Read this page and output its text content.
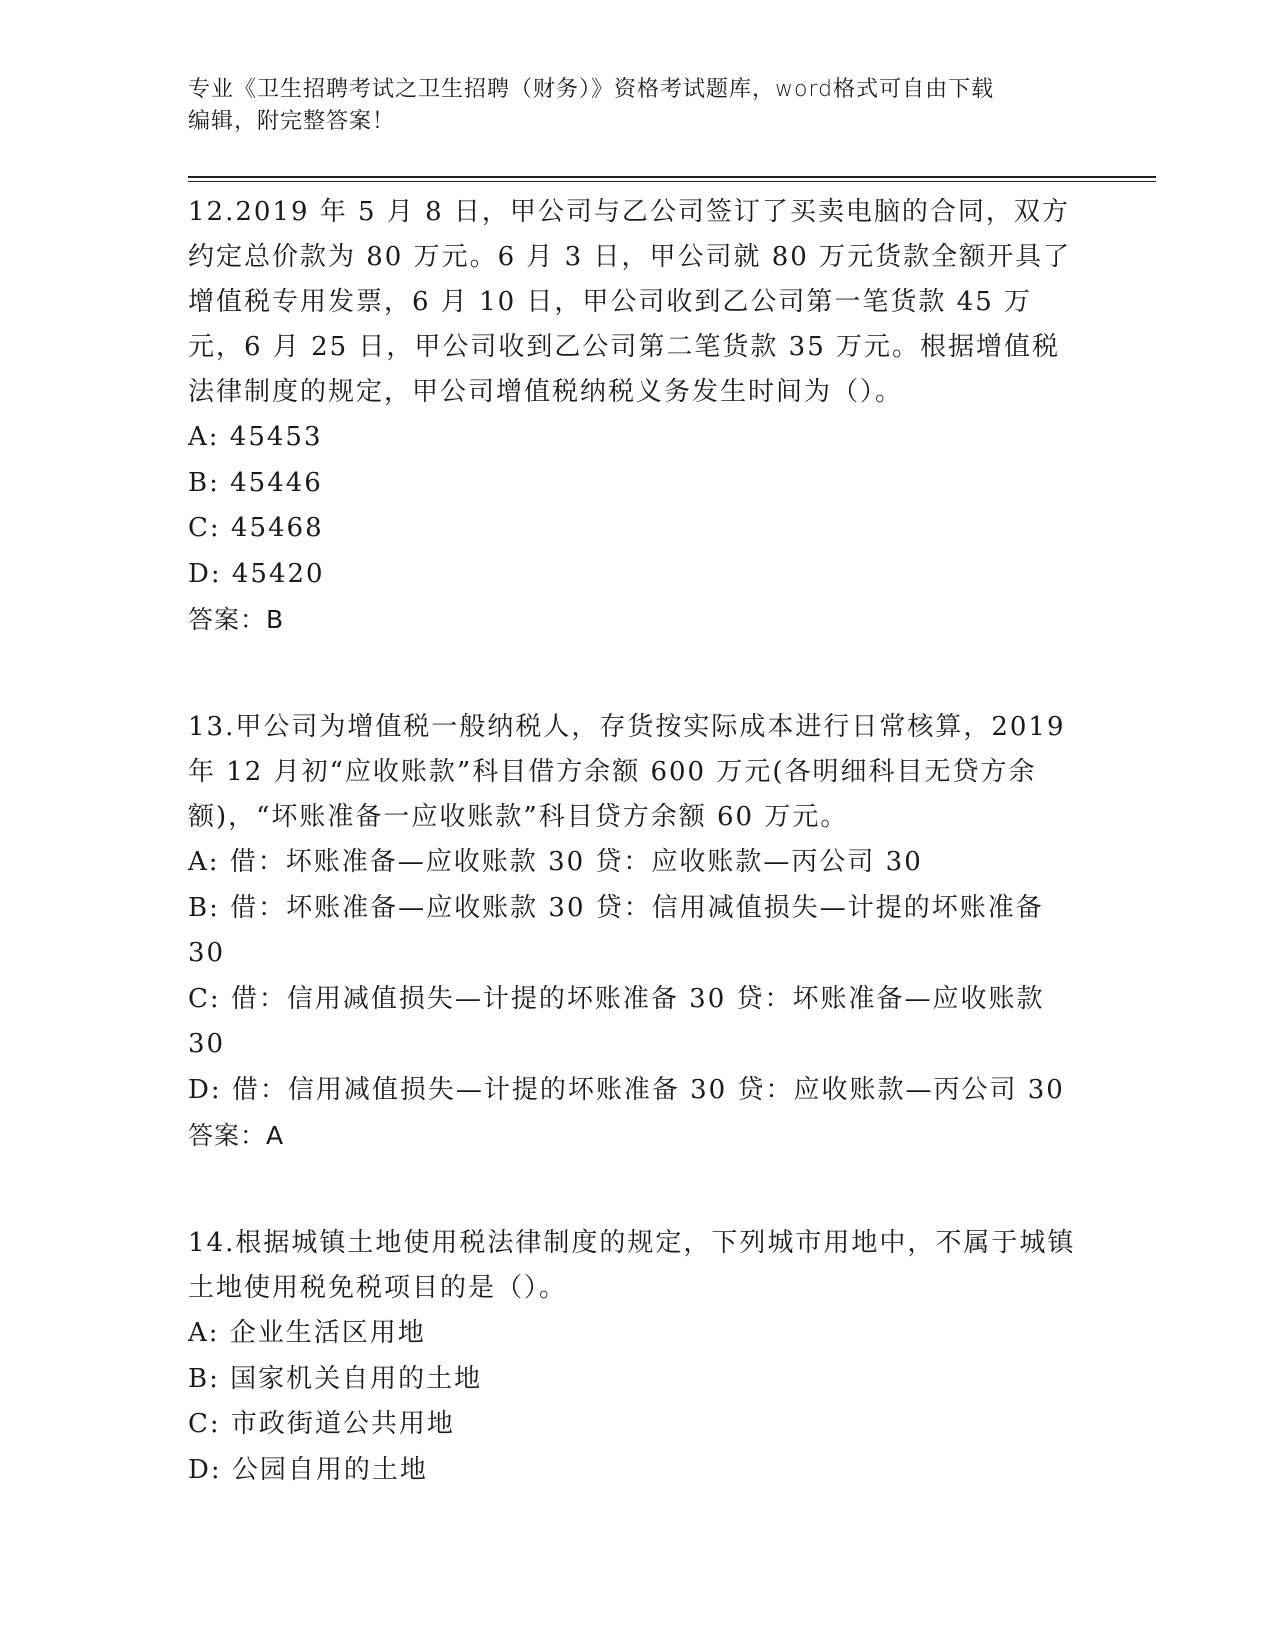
专业《卫生招聘考试之卫生招聘（财务）》资格考试题库，word格式可自由下载
编辑，附完整答案！

12.2019 年 5 月 8 日，甲公司与乙公司签订了买卖电脑的合同，双方约定总价款为 80 万元。6 月 3 日，甲公司就 80 万元货款全额开具了增值税专用发票，6 月 10 日，甲公司收到乙公司第一笔货款 45 万元，6 月 25 日，甲公司收到乙公司第二笔货款 35 万元。根据增值税法律制度的规定，甲公司增值税纳税义务发生时间为（）。

A: 45453

B: 45446

C: 45468

D: 45420

答案：B

13.甲公司为增值税一般纳税人，存货按实际成本进行日常核算，2019 年 12 月初“应收账款”科目借方余额 600 万元(各明细科目无贷方余额)，“坏账准备一应收账款”科目贷方余额 60 万元。

A: 借：坏账准备—应收账款 30 贷：应收账款—丙公司 30

B: 借：坏账准备—应收账款 30 贷：信用减值损失—计提的坏账准备 30

C: 借：信用减值损失—计提的坏账准备 30 贷：坏账准备—应收账款 30

D: 借：信用减值损失—计提的坏账准备 30 贷：应收账款—丙公司 30

答案：A

14.根据城镇土地使用税法律制度的规定，下列城市用地中，不属于城镇土地使用税免税项目的是（）。

A: 企业生活区用地

B: 国家机关自用的土地

C: 市政街道公共用地

D: 公园自用的土地
